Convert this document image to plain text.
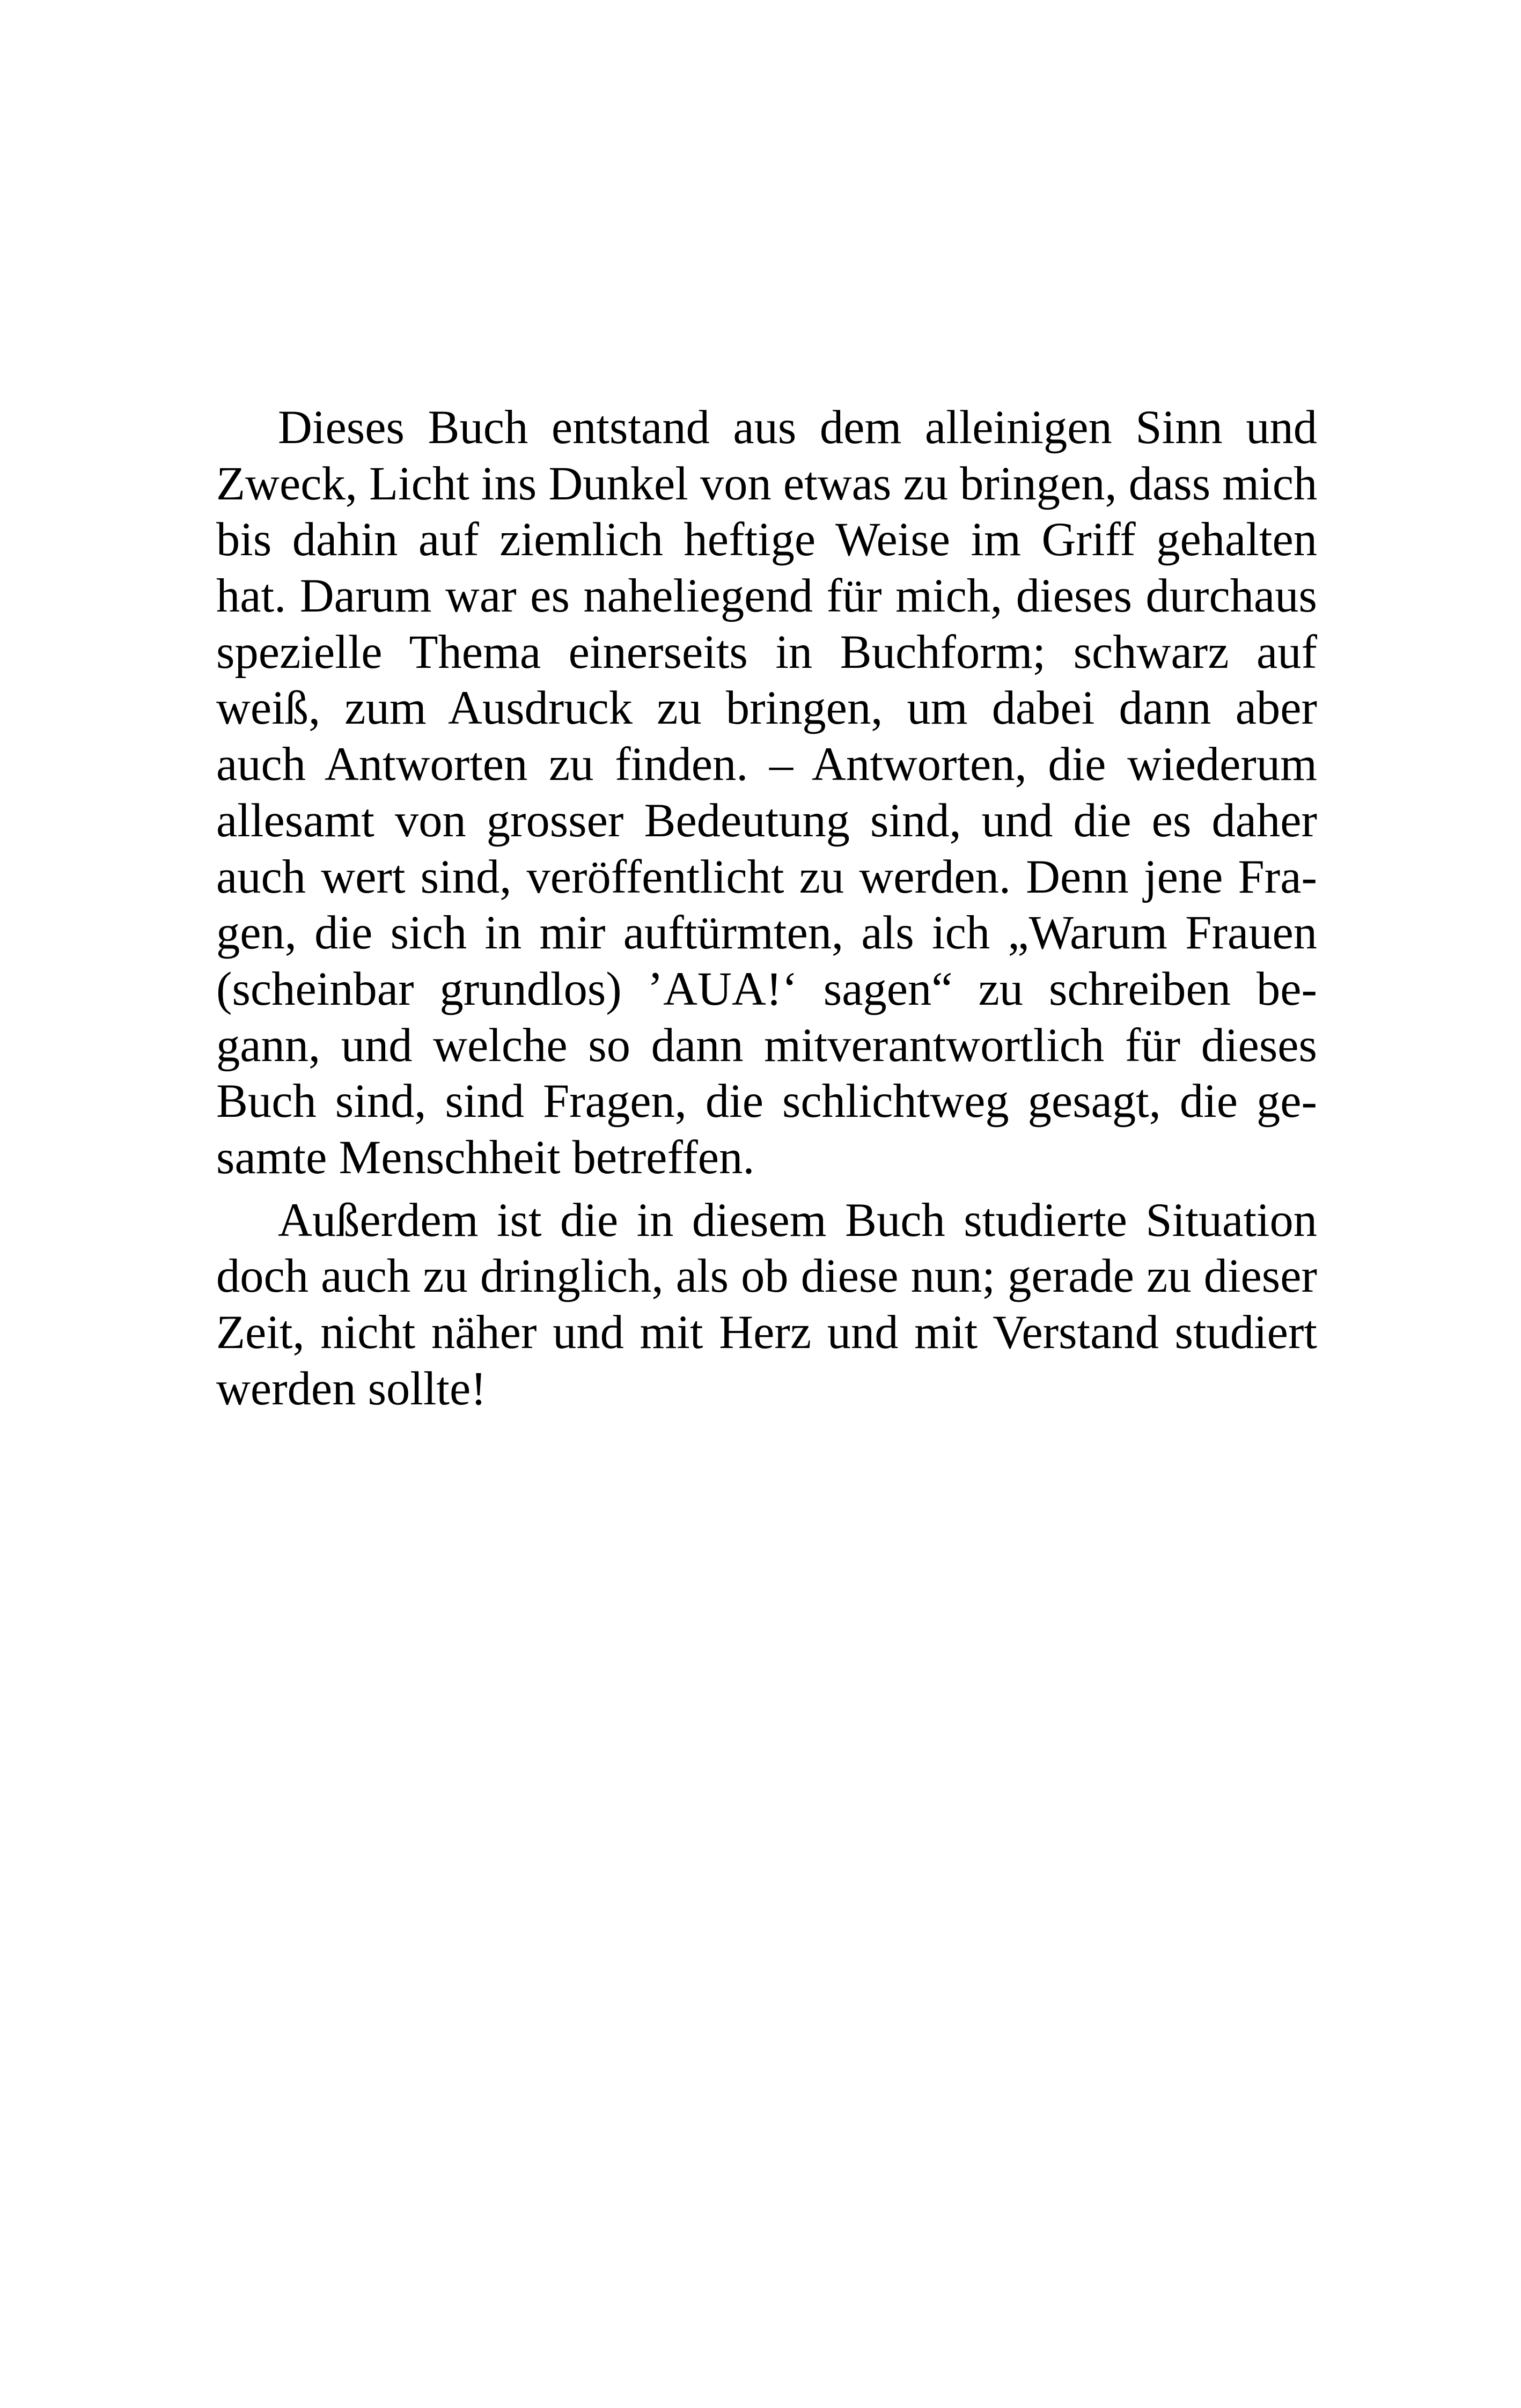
Dieses Buch entstand aus dem alleinigen Sinn und
Zweck, Licht ins Dunkel von etwas zu bringen, dass mich
bis dahin auf ziemlich heftige Weise im Griff gehalten
hat. Darum war es naheliegend für mich, dieses durchaus
spezielle Thema einerseits in Buchform; schwarz auf
weiß, zum Ausdruck zu bringen, um dabei dann aber
auch Antworten zu finden. – Antworten, die wiederum
allesamt von grosser Bedeutung sind, und die es daher
auch wert sind, veröffentlicht zu werden. Denn jene Fra-
gen, die sich in mir auftürmten, als ich „Warum Frauen
(scheinbar grundlos) ’AUA!‘ sagen“ zu schreiben be-
gann, und welche so dann mitverantwortlich für dieses
Buch sind, sind Fragen, die schlichtweg gesagt, die ge-
samte Menschheit betreffen.
Außerdem ist die in diesem Buch studierte Situation
doch auch zu dringlich, als ob diese nun; gerade zu dieser
Zeit, nicht näher und mit Herz und mit Verstand studiert
werden sollte!
